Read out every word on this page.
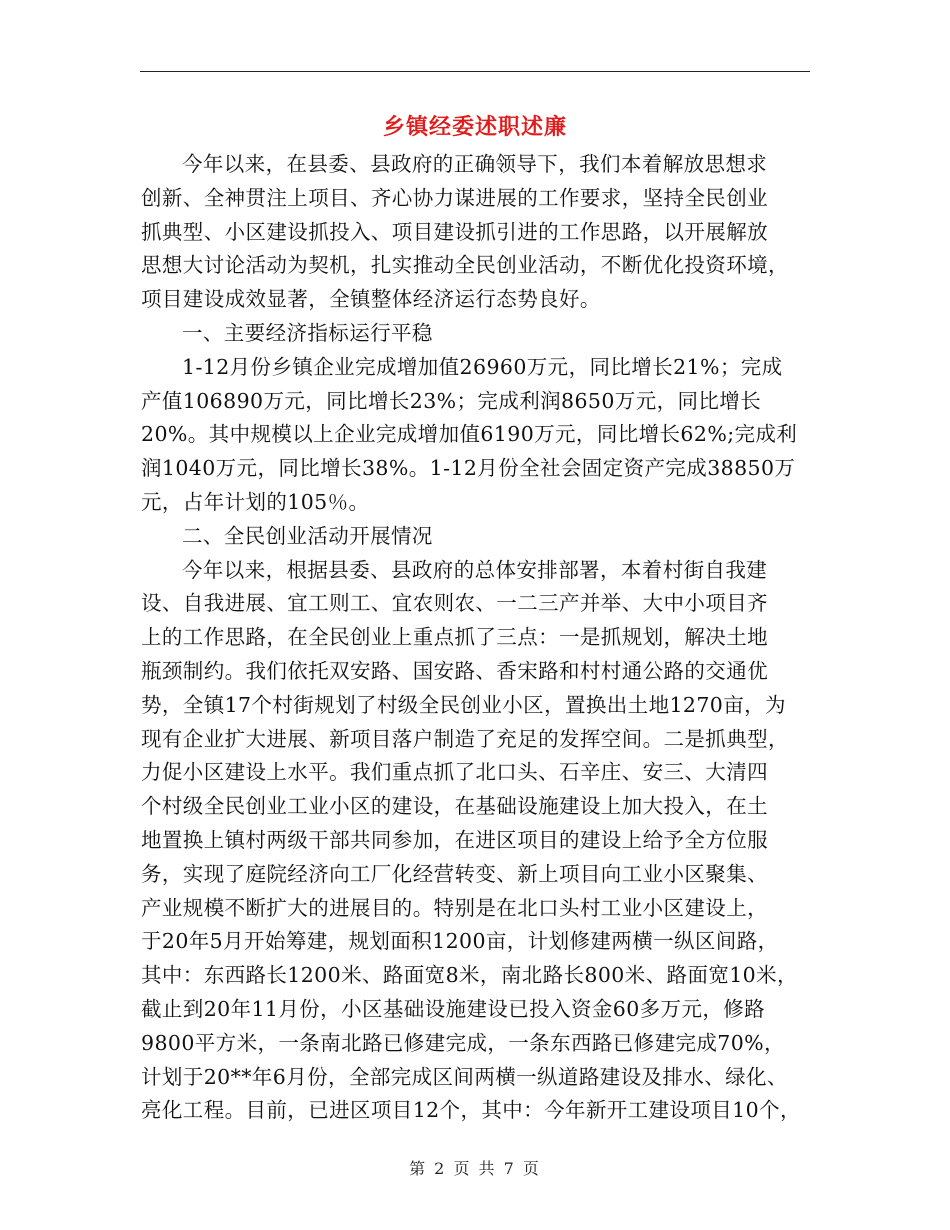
乡镇经委述职述廉
今年以来，在县委、县政府的正确领导下，我们本着解放思想求
创新、全神贯注上项目、齐心协力谋进展的工作要求，坚持全民创业
抓典型、小区建设抓投入、项目建设抓引进的工作思路，以开展解放
思想大讨论活动为契机，扎实推动全民创业活动，不断优化投资环境，
项目建设成效显著，全镇整体经济运行态势良好。
一、主要经济指标运行平稳
1-12月份乡镇企业完成增加值26960万元，同比增长21%；完成
产值106890万元，同比增长23%；完成利润8650万元，同比增长
20%。其中规模以上企业完成增加值6190万元，同比增长62%;完成利
润1040万元，同比增长38%。1-12月份全社会固定资产完成38850万
元，占年计划的105％。
二、全民创业活动开展情况
今年以来，根据县委、县政府的总体安排部署，本着村街自我建
设、自我进展、宜工则工、宜农则农、一二三产并举、大中小项目齐
上的工作思路，在全民创业上重点抓了三点：一是抓规划，解决土地
瓶颈制约。我们依托双安路、国安路、香宋路和村村通公路的交通优
势，全镇17个村街规划了村级全民创业小区，置换出土地1270亩，为
现有企业扩大进展、新项目落户制造了充足的发挥空间。二是抓典型，
力促小区建设上水平。我们重点抓了北口头、石辛庄、安三、大清四
个村级全民创业工业小区的建设，在基础设施建设上加大投入，在土
地置换上镇村两级干部共同参加，在进区项目的建设上给予全方位服
务，实现了庭院经济向工厂化经营转变、新上项目向工业小区聚集、
产业规模不断扩大的进展目的。特别是在北口头村工业小区建设上，
于20年5月开始筹建，规划面积1200亩，计划修建两横一纵区间路，
其中：东西路长1200米、路面宽8米，南北路长800米、路面宽10米，
截止到20年11月份，小区基础设施建设已投入资金60多万元，修路
9800平方米，一条南北路已修建完成，一条东西路已修建完成70%，
计划于20**年6月份，全部完成区间两横一纵道路建设及排水、绿化、
亮化工程。目前，已进区项目12个，其中：今年新开工建设项目10个，
第 2 页 共 7 页
